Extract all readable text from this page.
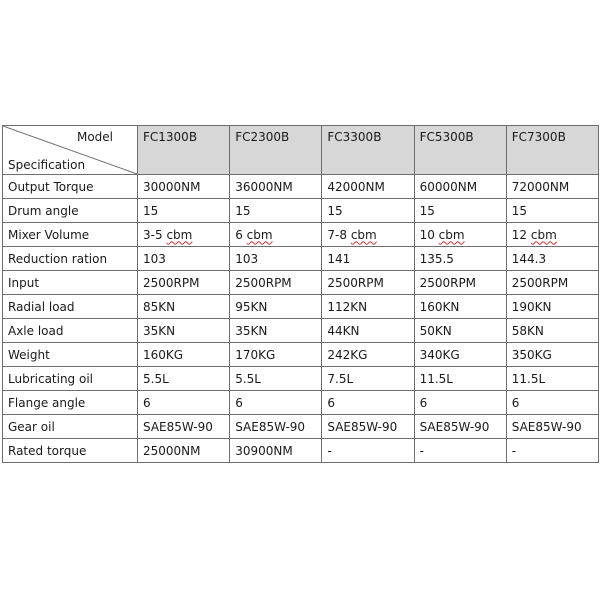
Model
Specification	FC1300B	FC2300B	FC3300B	FC5300B	FC7300B
Output Torque	30000NM	36000NM	42000NM	60000NM	72000NM
Drum angle	15	15	15	15	15
Mixer Volume	3-5 cbm	6 cbm	7-8 cbm	10 cbm	12 cbm
Reduction ration	103	103	141	135.5	144.3
Input	2500RPM	2500RPM	2500RPM	2500RPM	2500RPM
Radial load	85KN	95KN	112KN	160KN	190KN
Axle load	35KN	35KN	44KN	50KN	58KN
Weight	160KG	170KG	242KG	340KG	350KG
Lubricating oil	5.5L	5.5L	7.5L	11.5L	11.5L
Flange angle	6	6	6	6	6
Gear oil	SAE85W-90	SAE85W-90	SAE85W-90	SAE85W-90	SAE85W-90
Rated torque	25000NM	30900NM	-	-	-
